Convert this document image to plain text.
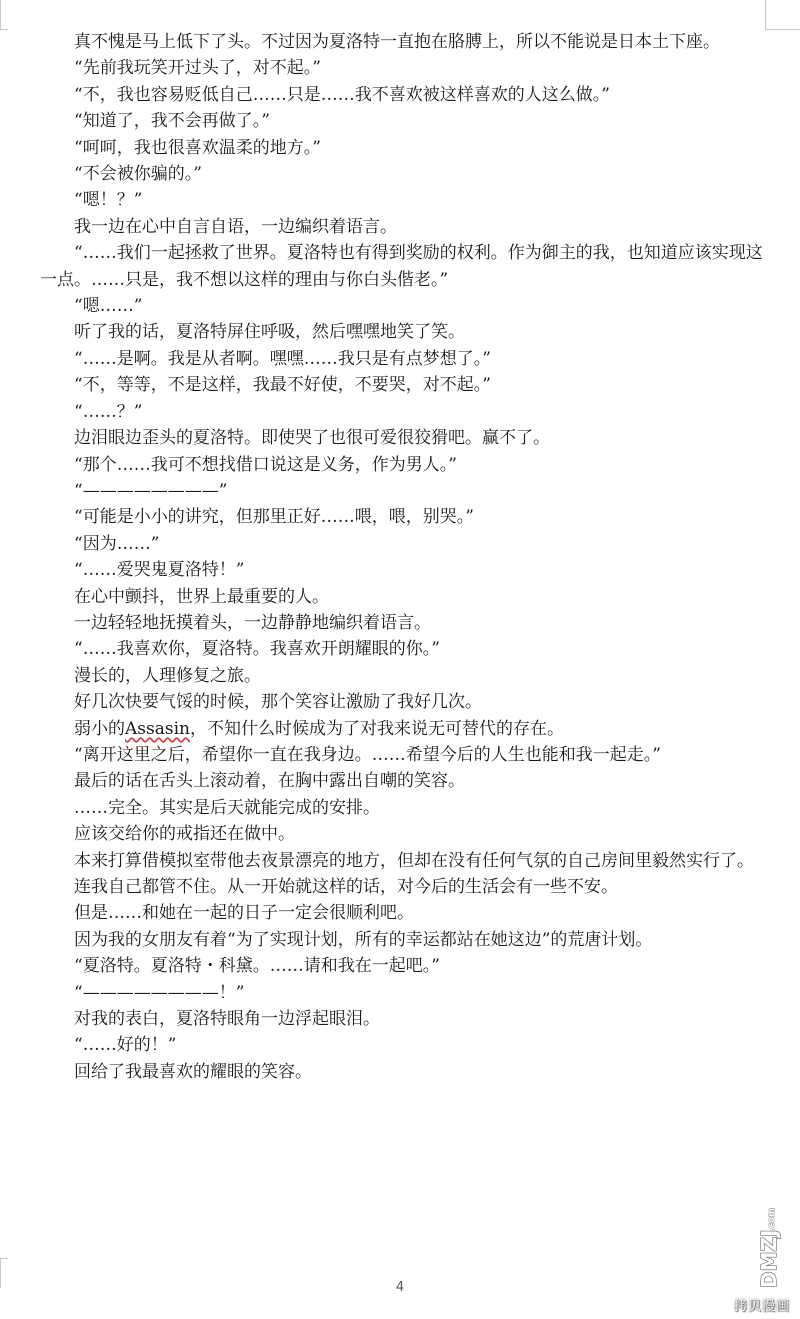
真不愧是马上低下了头。不过因为夏洛特一直抱在胳膊上，所以不能说是日本土下座。

“先前我玩笑开过头了，对不起。”

“不，我也容易贬低自己……只是……我不喜欢被这样喜欢的人这么做。”

“知道了，我不会再做了。”

“呵呵，我也很喜欢温柔的地方。”

“不会被你骗的。”

“嗯！？”

我一边在心中自言自语，一边编织着语言。

“……我们一起拯救了世界。夏洛特也有得到奖励的权利。作为御主的我，也知道应该实现这一点。……只是，我不想以这样的理由与你白头偕老。”

“嗯……”

听了我的话，夏洛特屏住呼吸，然后嘿嘿地笑了笑。

“……是啊。我是从者啊。嘿嘿……我只是有点梦想了。”

“不，等等，不是这样，我最不好使，不要哭，对不起。”

“……？”

边泪眼边歪头的夏洛特。即使哭了也很可爱很狡猾吧。赢不了。

“那个……我可不想找借口说这是义务，作为男人。”

“————————”

“可能是小小的讲究，但那里正好……喂，喂，别哭。”

“因为……”

“……爱哭鬼夏洛特！”

在心中颤抖，世界上最重要的人。

一边轻轻地抚摸着头，一边静静地编织着语言。

“……我喜欢你，夏洛特。我喜欢开朗耀眼的你。”

漫长的，人理修复之旅。

好几次快要气馁的时候，那个笑容让激励了我好几次。

弱小的Assasin，不知什么时候成为了对我来说无可替代的存在。

“离开这里之后，希望你一直在我身边。……希望今后的人生也能和我一起走。”

最后的话在舌头上滚动着，在胸中露出自嘲的笑容。

……完全。其实是后天就能完成的安排。

应该交给你的戒指还在做中。

本来打算借模拟室带他去夜景漂亮的地方，但却在没有任何气氛的自己房间里毅然实行了。

连我自己都管不住。从一开始就这样的话，对今后的生活会有一些不安。

但是……和她在一起的日子一定会很顺利吧。

因为我的女朋友有着“为了实现计划，所有的幸运都站在她这边”的荒唐计划。

“夏洛特。夏洛特・科黛。……请和我在一起吧。”

“————————！”

对我的表白，夏洛特眼角一边浮起眼泪。

“……好的！”

回给了我最喜欢的耀眼的笑容。

4	DMZJ
.com
拷贝漫画
